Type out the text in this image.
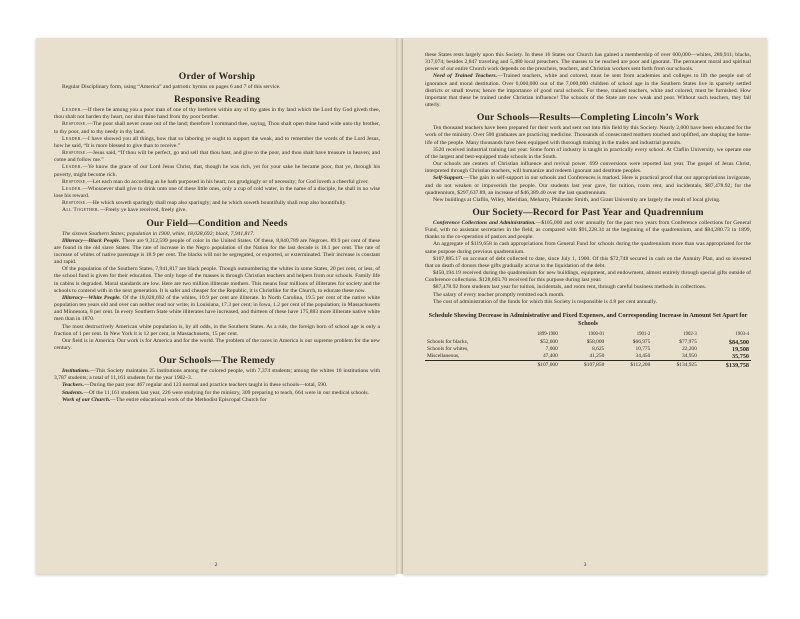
Order of Worship

Regular Disciplinary form, using “America” and patriotic hymns on pages 6 and 7 of this service.

Responsive Reading

Leader.—If there be among you a poor man of one of thy brethren within any of thy gates in thy land which the Lord thy God giveth thee, thou shalt not harden thy heart, nor shut thine hand from thy poor brother.

Response.—The poor shall never cease out of the land; therefore I command thee, saying, Thou shalt open thine hand wide unto thy brother, to thy poor, and to thy needy in thy land.

Leader.—I have showed you all things, how that so laboring ye ought to support the weak, and to remember the words of the Lord Jesus, how he said, “It is more blessed to give than to receive.”

Response.—Jesus said, “If thou wilt be perfect, go and sell that thou hast, and give to the poor, and thou shalt have treasure in heaven; and come and follow me.”

Leader.—Ye know the grace of our Lord Jesus Christ, that, though he was rich, yet for your sake he became poor, that ye, through his poverty, might become rich.

Response.—Let each man do according as he hath purposed in his heart, not grudgingly or of necessity; for God loveth a cheerful giver.

Leader.—Whosoever shall give to drink unto one of these little ones, only a cup of cold water, in the name of a disciple, he shall in no wise lose his reward.

Response.—He which soweth sparingly shall reap also sparingly; and he which soweth bountifully shall reap also bountifully.

All Together.—Freely ye have received, freely give.

Our Field—Condition and Needs

The sixteen Southern States; population in 1900, white, 18,028,692; black, 7,941,817.

Illiteracy—Black People. There are 9,312,599 people of color in the United States. Of these, 8,840,789 are Negroes. 89.9 per cent of these are found in the old slave States. The rate of increase in the Negro population of the Nation for the last decade is 18.1 per cent. The rate of increase of whites of native parentage is 18.9 per cent. The blacks will not be segregated, or exported, or exterminated. Their increase is constant and rapid.

Of the population of the Southern States, 7,941,817 are black people. Though outnumbering the whites in some States, 20 per cent, or less, of the school fund is given for their education. The only hope of the masses is through Christian teachers and helpers from our schools. Family life in cabins is degraded. Moral standards are low. Here are two million illiterate mothers. This means four millions of illiterates for society and the schools to contend with in the next generation. It is safer and cheaper for the Republic, it is Christlike for the Church, to educate these now.

Illiteracy—White People. Of the 18,028,692 of the whites, 10.9 per cent are illiterate. In North Carolina, 19.5 per cent of the native white population ten years old and over can neither read nor write; in Louisiana, 17.3 per cent; in Iowa, 1.2 per cent of the population; in Massachusetts and Minnesota, 8 per cent. In every Southern State white illiterates have increased, and thirteen of these have 175,883 more illiterate native white men than in 1870.

The most destructively American white population is, by all odds, in the Southern States. As a rule, the foreign born of school age is only a fraction of 1 per cent. In New York it is 12 per cent, in Massachusetts, 15 per cent.

Our field is in America. Our work is for America and for the world. The problem of the races in America is our supreme problem for the new century.

Our Schools—The Remedy

Institutions.—This Society maintains 25 institutions among the colored people, with 7,374 students; among the whites 16 institutions with 3,787 students; a total of 11,161 students for the year 1902–3.

Teachers.—During the past year 467 regular and 123 normal and practice teachers taught in these schools—total, 590.

Students.—Of the 11,161 students last year, 226 were studying for the ministry, 309 preparing to teach, 664 were in our medical schools.

Work of our Church.—The entire educational work of the Methodist Episcopal Church for

2

these States rests largely upon this Society. In these 16 States our Church has gained a membership of over 600,000—whites, 280,911; blacks, 317,074; besides 2,847 traveling and 5,480 local preachers. The masses to be reached are poor and ignorant. The permanent moral and spiritual power of our entire Church work depends on the preachers, teachers, and Christian workers sent forth from our schools.

Need of Trained Teachers.—Trained teachers, white and colored, must be sent from academies and colleges to lift the people out of ignorance and moral destitution. Over 6,000,000 out of the 7,000,000 children of school age in the Southern States live in sparsely settled districts or small towns; hence the importance of good rural schools. For these, trained teachers, white and colored, must be furnished. How important that these be trained under Christian influence! The schools of the State are now weak and poor. Without such teachers, they fall utterly.

Our Schools—Results—Completing Lincoln’s Work

Ten thousand teachers have been prepared for their work and sent out into this field by this Society. Nearly 2,000 have been educated for the work of the ministry. Over 500 graduates are practicing medicine. Thousands of consecrated mothers touched and uplifted, are shaping the home-life of the people. Many thousands have been equipped with thorough training in the trades and industrial pursuits.

3520 received industrial training last year. Some form of industry is taught in practically every school. At Claflin University, we operate one of the largest and best-equipped trade schools in the South.

Our schools are centers of Christian influence and revival power. 699 conversions were reported last year. The gospel of Jesus Christ, interpreted through Christian teachers, will humanize and redeem ignorant and destitute peoples.

Self-Support.—The gain in self-support in our schools and Conferences is marked. Here is practical proof that our appropriations invigorate, and do not weaken or impoverish the people. Our students last year gave, for tuition, room rent, and incidentals, $87,478.92; for the quadrennium, $297,637.89, an increase of $46,389.40 over the last quadrennium.

New buildings at Claflin, Wiley, Meridian, Meharry, Philander Smith, and Grant University are largely the result of local giving.

Our Society—Record for Past Year and Quadrennium

Conference Collections and Administration.—$105,000 and over annually for the past two years from Conference collections for General Fund, with no assistant secretaries in the field, as compared with $91,228.34 at the beginning of the quadrennium, and $84,280.73 in 1899, thanks to the co-operation of pastors and people.

An aggregate of $119,658 in cash appropriations from General Fund for schools during the quadrennium more than was appropriated for the same purpose during previous quadrennium.

$107,885.17 on account of debt collected to date, since July 1, 1900. Of this $72,748 secured in cash on the Annuity Plan, and so invested that on death of donors these gifts gradually accrue to the liquidation of the debt.

$450,194.19 received during the quadrennium for new buildings, equipment, and endowment, almost entirely through special gifts outside of Conference collections. $128,603.70 received for this purpose during last year.

$87,478.92 from students last year for tuition, incidentals, and room rent, through careful business methods in collections.

The salary of every teacher promptly remitted each month.

The cost of administration of the funds for which this Society is responsible is 4.8 per cent annually.

Schedule Showing Decrease in Administrative and Fixed Expenses, and Corresponding Increase in Amount Set Apart for Schools
	1899-1900	1900-01	1901-2	1902-3	1903-4
Schools for blacks,	$52,600	$58,000	$66,975	$77,975	$84,500
Schools for whites,	7,000	8,625	10,775	22,200	19,508
Miscellaneous,	47,400	41,250	34,450	34,950	35,750
	$107,000	$107,850	$112,200	$134,925	$139,758
3
